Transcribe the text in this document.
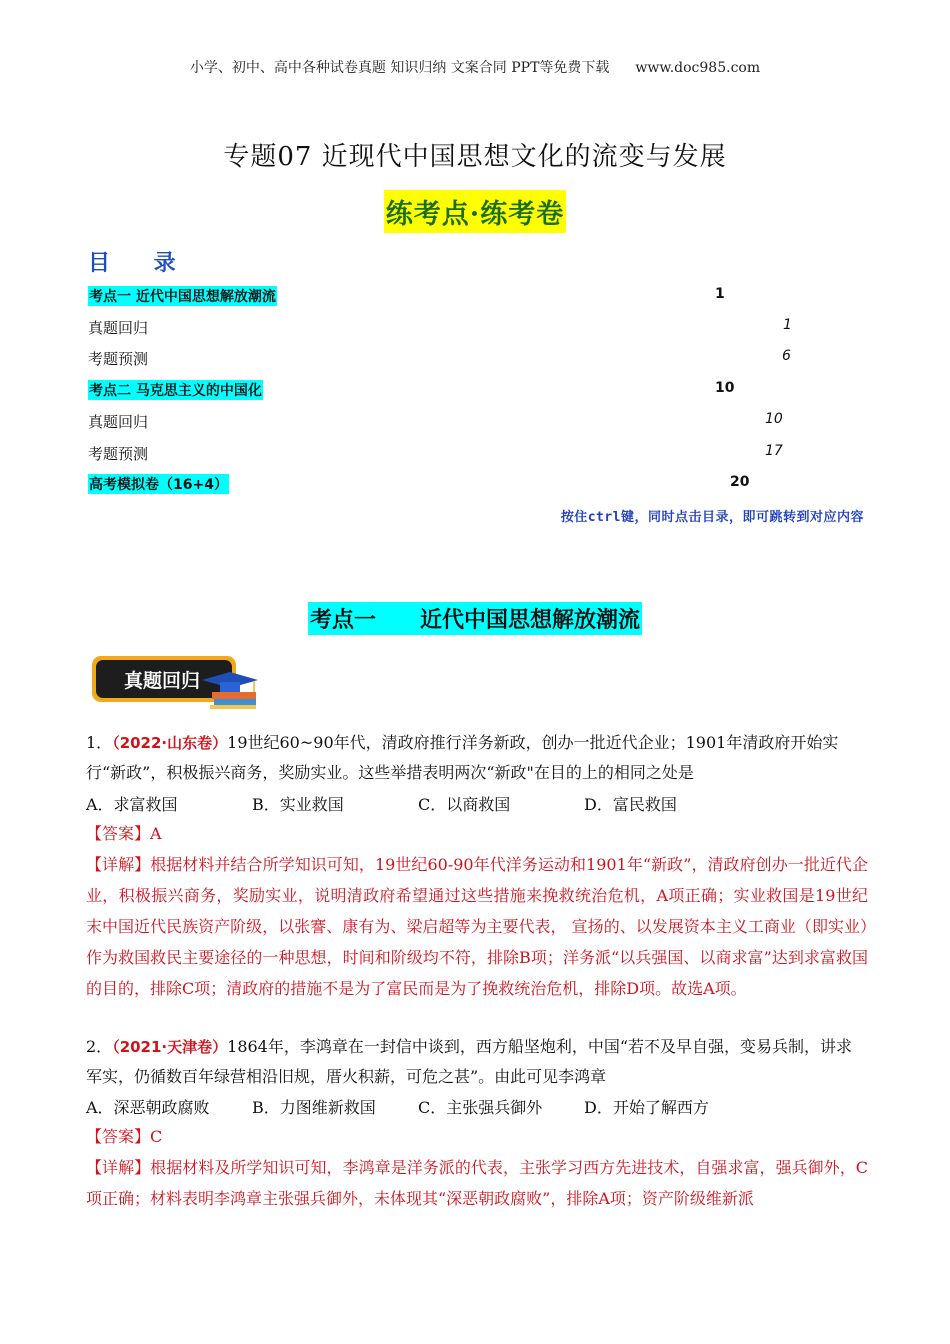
小学、初中、高中各种试卷真题 知识归纳 文案合同 PPT等免费下载 www.doc985.com
专题07 近现代中国思想文化的流变与发展
练考点·练考卷
目 录
考点一 近代中国思想解放潮流	1
真题回归	1
考题预测	6
考点二 马克思主义的中国化	10
真题回归	10
考题预测	17
高考模拟卷（16+4）	20
按住ctrl键，同时点击目录，即可跳转到对应内容
考点一 近代中国思想解放潮流
真题回归
1．（2022·山东卷）19世纪60~90年代，清政府推行洋务新政，创办一批近代企业；1901年清政府开始实行“新政”，积极振兴商务，奖励实业。这些举措表明两次“新政"在目的上的相同之处是
A．求富救国	B．实业救国	C．以商救国	D．富民救国
【答案】A
【详解】根据材料并结合所学知识可知，19世纪60-90年代洋务运动和1901年“新政”，清政府创办一批近代企业，积极振兴商务，奖励实业，说明清政府希望通过这些措施来挽救统治危机，A项正确；实业救国是19世纪末中国近代民族资产阶级，以张謇、康有为、梁启超等为主要代表， 宣扬的、以发展资本主义工商业（即实业）作为救国救民主要途径的一种思想，时间和阶级均不符，排除B项；洋务派“以兵强国、以商求富”达到求富救国的目的，排除C项；清政府的措施不是为了富民而是为了挽救统治危机，排除D项。故选A项。
2．（2021·天津卷）1864年，李鸿章在一封信中谈到，西方船坚炮利，中国“若不及早自强，变易兵制，讲求军实，仍循数百年绿营相沿旧规，厝火积薪，可危之甚”。由此可见李鸿章
A．深恶朝政腐败	B．力图维新救国	C．主张强兵御外	D．开始了解西方
【答案】C
【详解】根据材料及所学知识可知，李鸿章是洋务派的代表，主张学习西方先进技术，自强求富，强兵御外，C项正确；材料表明李鸿章主张强兵御外，未体现其“深恶朝政腐败”，排除A项；资产阶级维新派
